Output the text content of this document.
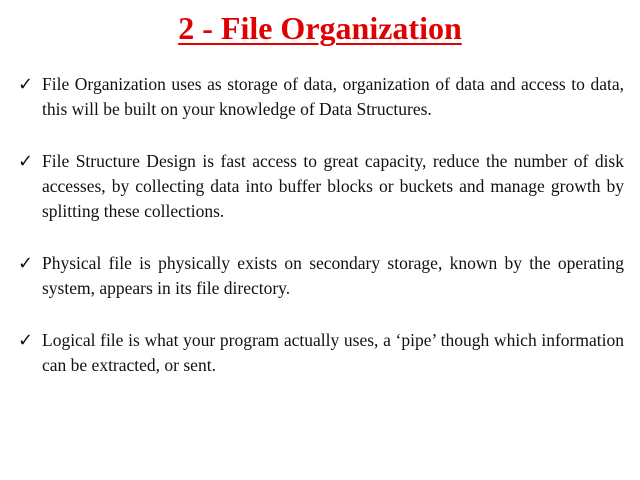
2 - File Organization
✓ File Organization uses as storage of data, organization of data and access to data, this will be built on your knowledge of Data Structures.
✓ File Structure Design is fast access to great capacity, reduce the number of disk accesses, by collecting data into buffer blocks or buckets and manage growth by splitting these collections.
✓ Physical file is physically exists on secondary storage, known by the operating system, appears in its file directory.
✓ Logical file is what your program actually uses, a ‘pipe’ though which information can be extracted, or sent.
